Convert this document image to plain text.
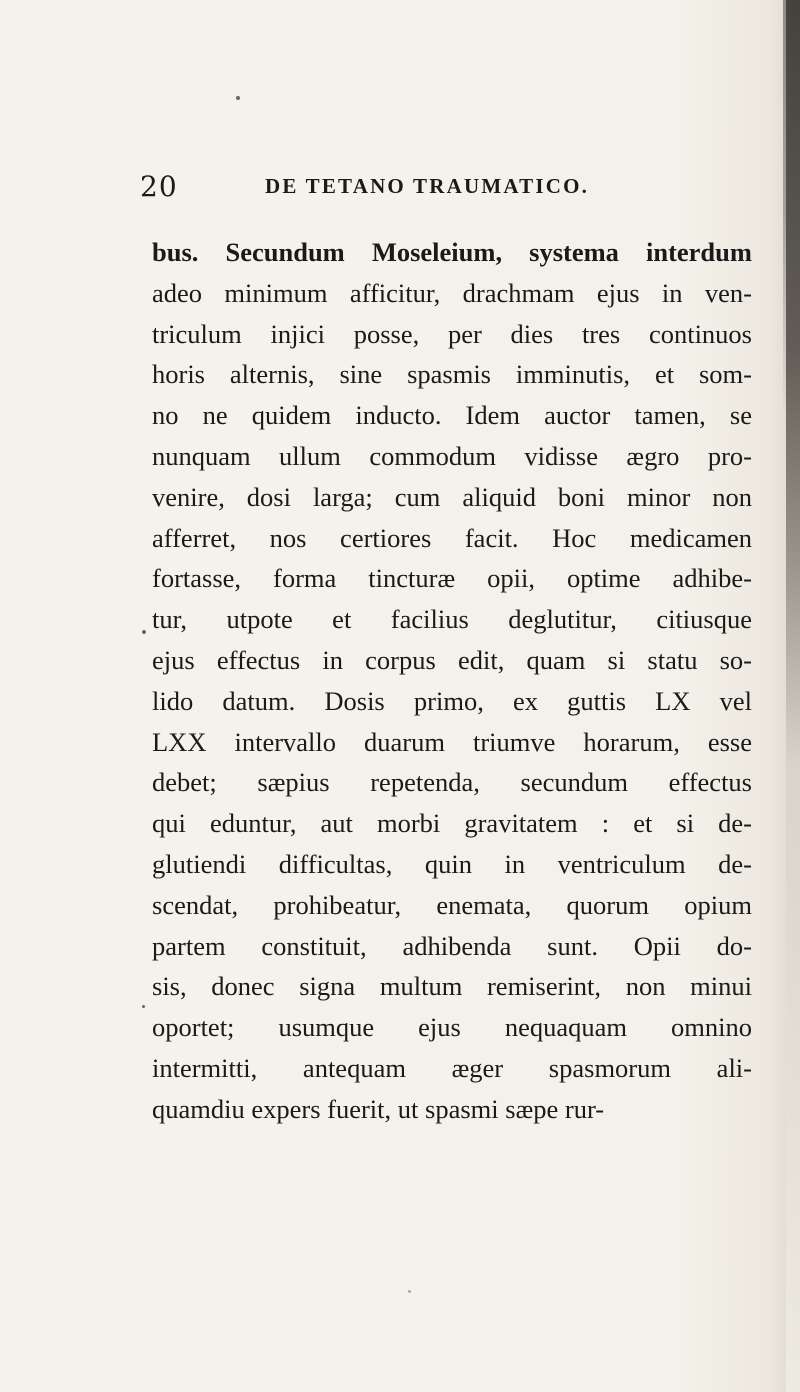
20	DE TETANO TRAUMATICO.
bus. Secundum Moseleium, systema interdum
adeo minimum afficitur, drachmam ejus in ven-
triculum injici posse, per dies tres continuos
horis alternis, sine spasmis imminutis, et som-
no ne quidem inducto. Idem auctor tamen, se
nunquam ullum commodum vidisse ægro pro-
venire, dosi larga; cum aliquid boni minor non
afferret, nos certiores facit. Hoc medicamen
fortasse, forma tincturæ opii, optime adhibe-
tur, utpote et facilius deglutitur, citiusque
ejus effectus in corpus edit, quam si statu so-
lido datum. Dosis primo, ex guttis LX vel
LXX intervallo duarum triumve horarum, esse
debet; sæpius repetenda, secundum effectus
qui eduntur, aut morbi gravitatem : et si de-
glutiendi difficultas, quin in ventriculum de-
scendat, prohibeatur, enemata, quorum opium
partem constituit, adhibenda sunt. Opii do-
sis, donec signa multum remiserint, non minui
oportet; usumque ejus nequaquam omnino
intermitti, antequam æger spasmorum ali-
quamdiu expers fuerit, ut spasmi sæpe rur-
